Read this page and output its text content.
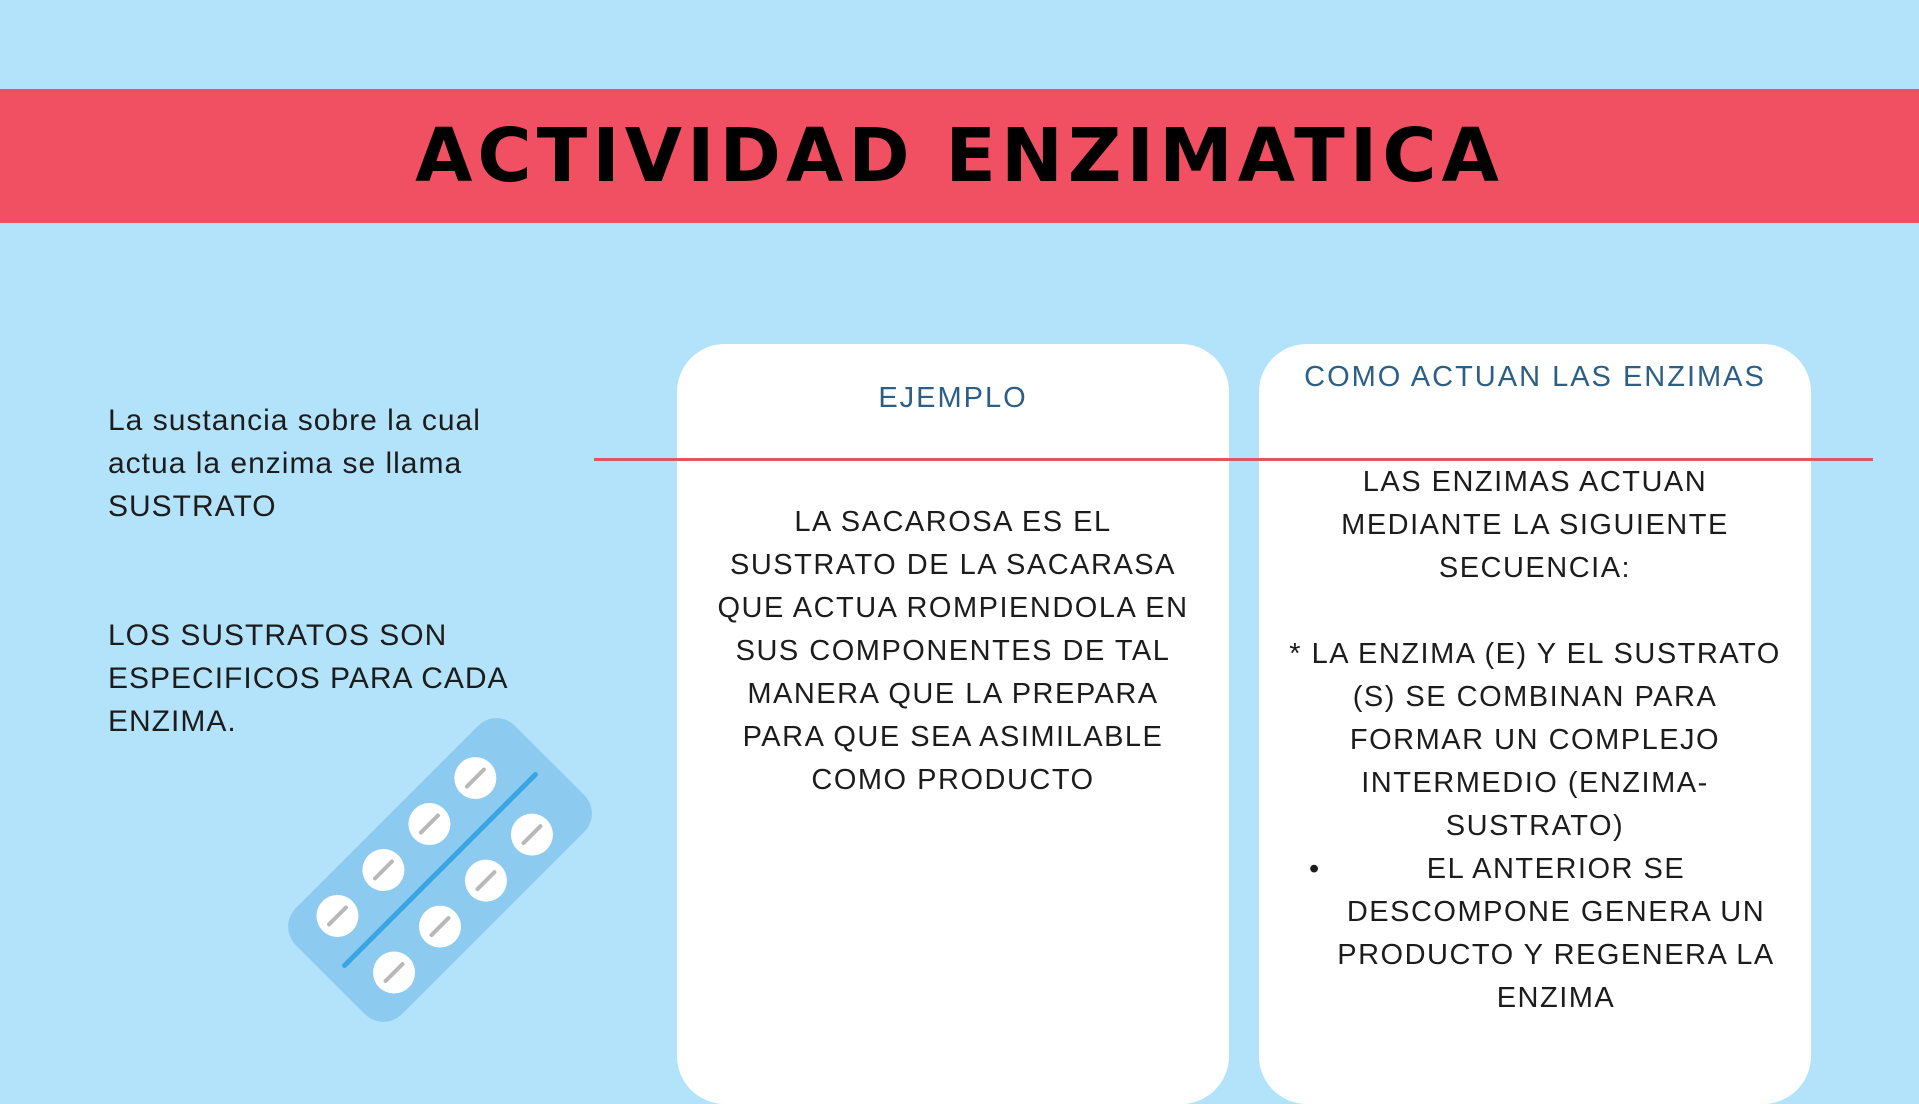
ACTIVIDAD ENZIMATICA

La sustancia sobre la cual actua la enzima se llama SUSTRATO

LOS SUSTRATOS SON ESPECIFICOS PARA CADA ENZIMA.

EJEMPLO

LA SACAROSA ES EL SUSTRATO DE LA SACARASA QUE ACTUA ROMPIENDOLA EN SUS COMPONENTES DE TAL MANERA QUE LA PREPARA PARA QUE SEA ASIMILABLE COMO PRODUCTO

COMO ACTUAN LAS ENZIMAS

LAS ENZIMAS ACTUAN MEDIANTE LA SIGUIENTE SECUENCIA:

* LA ENZIMA (E) Y EL SUSTRATO (S) SE COMBINAN PARA FORMAR UN COMPLEJO INTERMEDIO (ENZIMA-SUSTRATO)

•	EL ANTERIOR SE DESCOMPONE GENERA UN PRODUCTO Y REGENERA LA ENZIMA
